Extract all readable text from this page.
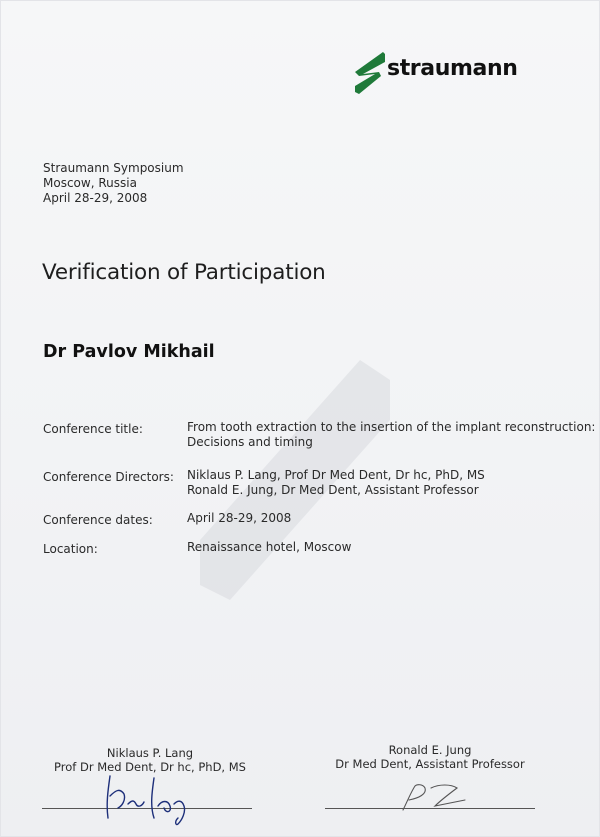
straumann
Straumann Symposium
Moscow, Russia
April 28-29, 2008
Verification of Participation
Dr Pavlov Mikhail
Conference title:	From tooth extraction to the insertion of the implant reconstruction:
Decisions and timing
Conference Directors: Niklaus P. Lang, Prof Dr Med Dent, Dr hc, PhD, MS
Ronald E. Jung, Dr Med Dent, Assistant Professor
Conference dates:	April 28-29, 2008
Location:	Renaissance hotel, Moscow
Niklaus P. Lang
Prof Dr Med Dent, Dr hc, PhD, MS
Ronald E. Jung
Dr Med Dent, Assistant Professor
